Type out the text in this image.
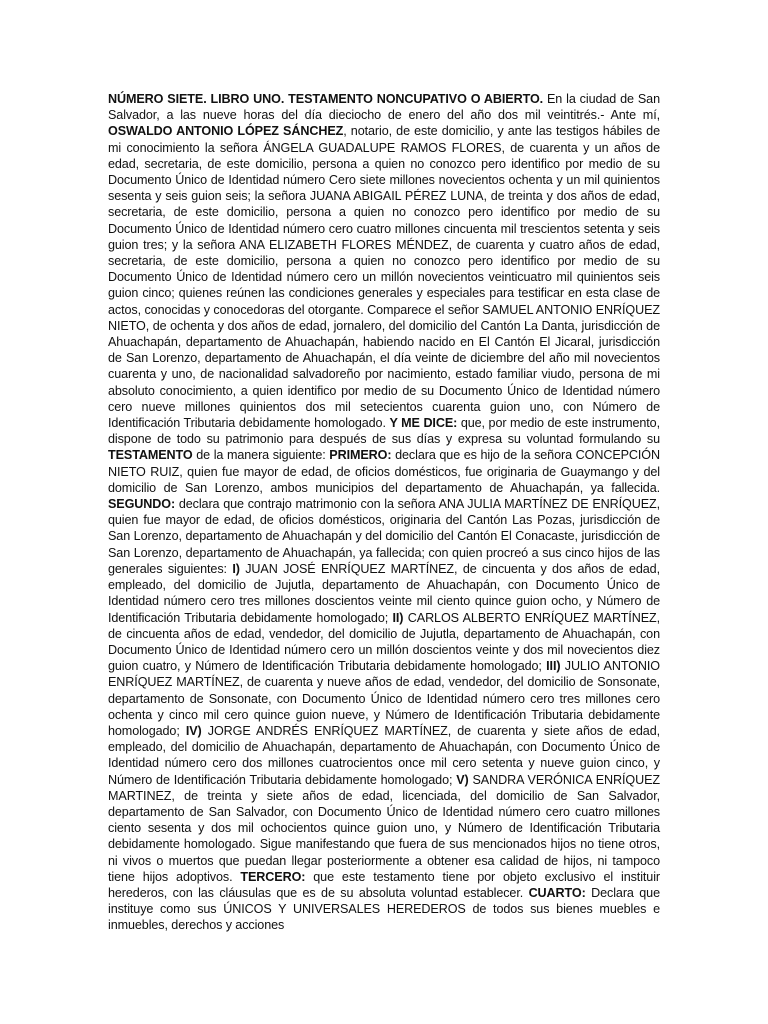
NÚMERO SIETE. LIBRO UNO. TESTAMENTO NONCUPATIVO O ABIERTO. En la ciudad de San Salvador, a las nueve horas del día dieciocho de enero del año dos mil veintitrés.- Ante mí, OSWALDO ANTONIO LÓPEZ SÁNCHEZ, notario, de este domicilio, y ante las testigos hábiles de mi conocimiento la señora ÁNGELA GUADALUPE RAMOS FLORES, de cuarenta y un años de edad, secretaria, de este domicilio, persona a quien no conozco pero identifico por medio de su Documento Único de Identidad número Cero siete millones novecientos ochenta y un mil quinientos sesenta y seis guion seis; la señora JUANA ABIGAIL PÉREZ LUNA, de treinta y dos años de edad, secretaria, de este domicilio, persona a quien no conozco pero identifico por medio de su Documento Único de Identidad número cero cuatro millones cincuenta mil trescientos setenta y seis guion tres; y la señora ANA ELIZABETH FLORES MÉNDEZ, de cuarenta y cuatro años de edad, secretaria, de este domicilio, persona a quien no conozco pero identifico por medio de su Documento Único de Identidad número cero un millón novecientos veinticuatro mil quinientos seis guion cinco; quienes reúnen las condiciones generales y especiales para testificar en esta clase de actos, conocidas y conocedoras del otorgante. Comparece el señor SAMUEL ANTONIO ENRÍQUEZ NIETO, de ochenta y dos años de edad, jornalero, del domicilio del Cantón La Danta, jurisdicción de Ahuachapán, departamento de Ahuachapán, habiendo nacido en El Cantón El Jicaral, jurisdicción de San Lorenzo, departamento de Ahuachapán, el día veinte de diciembre del año mil novecientos cuarenta y uno, de nacionalidad salvadoreño por nacimiento, estado familiar viudo, persona de mi absoluto conocimiento, a quien identifico por medio de su Documento Único de Identidad número cero nueve millones quinientos dos mil setecientos cuarenta guion uno, con Número de Identificación Tributaria debidamente homologado. Y ME DICE: que, por medio de este instrumento, dispone de todo su patrimonio para después de sus días y expresa su voluntad formulando su TESTAMENTO de la manera siguiente: PRIMERO: declara que es hijo de la señora CONCEPCIÓN NIETO RUIZ, quien fue mayor de edad, de oficios domésticos, fue originaria de Guaymango y del domicilio de San Lorenzo, ambos municipios del departamento de Ahuachapán, ya fallecida. SEGUNDO: declara que contrajo matrimonio con la señora ANA JULIA MARTÍNEZ DE ENRÍQUEZ, quien fue mayor de edad, de oficios domésticos, originaria del Cantón Las Pozas, jurisdicción de San Lorenzo, departamento de Ahuachapán y del domicilio del Cantón El Conacaste, jurisdicción de San Lorenzo, departamento de Ahuachapán, ya fallecida; con quien procreó a sus cinco hijos de las generales siguientes: I) JUAN JOSÉ ENRÍQUEZ MARTÍNEZ, de cincuenta y dos años de edad, empleado, del domicilio de Jujutla, departamento de Ahuachapán, con Documento Único de Identidad número cero tres millones doscientos veinte mil ciento quince guion ocho, y Número de Identificación Tributaria debidamente homologado; II) CARLOS ALBERTO ENRÍQUEZ MARTÍNEZ, de cincuenta años de edad, vendedor, del domicilio de Jujutla, departamento de Ahuachapán, con Documento Único de Identidad número cero un millón doscientos veinte y dos mil novecientos diez guion cuatro, y Número de Identificación Tributaria debidamente homologado; III) JULIO ANTONIO ENRÍQUEZ MARTÍNEZ, de cuarenta y nueve años de edad, vendedor, del domicilio de Sonsonate, departamento de Sonsonate, con Documento Único de Identidad número cero tres millones cero ochenta y cinco mil cero quince guion nueve, y Número de Identificación Tributaria debidamente homologado; IV) JORGE ANDRÉS ENRÍQUEZ MARTÍNEZ, de cuarenta y siete años de edad, empleado, del domicilio de Ahuachapán, departamento de Ahuachapán, con Documento Único de Identidad número cero dos millones cuatrocientos once mil cero setenta y nueve guion cinco, y Número de Identificación Tributaria debidamente homologado; V) SANDRA VERÓNICA ENRÍQUEZ MARTINEZ, de treinta y siete años de edad, licenciada, del domicilio de San Salvador, departamento de San Salvador, con Documento Único de Identidad número cero cuatro millones ciento sesenta y dos mil ochocientos quince guion uno, y Número de Identificación Tributaria debidamente homologado. Sigue manifestando que fuera de sus mencionados hijos no tiene otros, ni vivos o muertos que puedan llegar posteriormente a obtener esa calidad de hijos, ni tampoco tiene hijos adoptivos. TERCERO: que este testamento tiene por objeto exclusivo el instituir herederos, con las cláusulas que es de su absoluta voluntad establecer. CUARTO: Declara que instituye como sus ÚNICOS Y UNIVERSALES HEREDEROS de todos sus bienes muebles e inmuebles, derechos y acciones
